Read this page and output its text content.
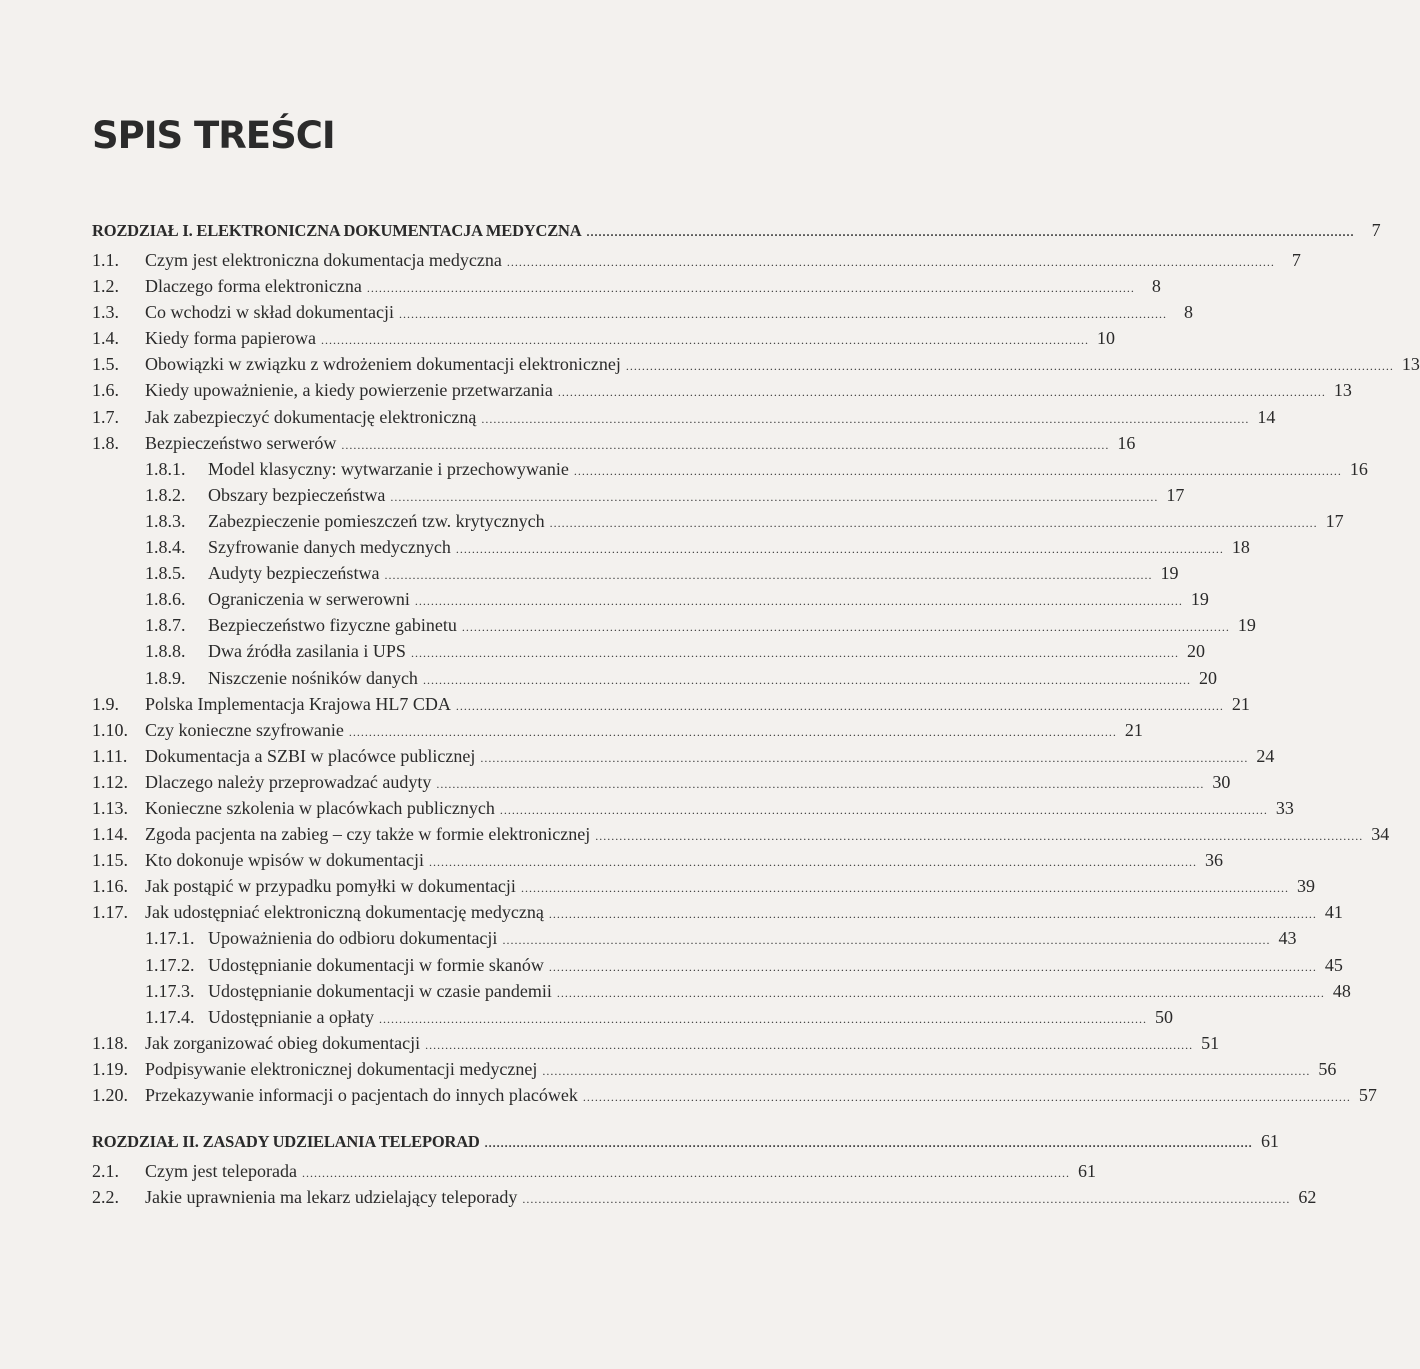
SPIS TREŚCI
ROZDZIAŁ I. ELEKTRONICZNA DOKUMENTACJA MEDYCZNA .....	7
1.1.	Czym jest elektroniczna dokumentacja medyczna .....	7
1.2.	Dlaczego forma elektroniczna .....	8
1.3.	Co wchodzi w skład dokumentacji .....	8
1.4.	Kiedy forma papierowa .....	10
1.5.	Obowiązki w związku z wdrożeniem dokumentacji elektronicznej .....	13
1.6.	Kiedy upoważnienie, a kiedy powierzenie przetwarzania .....	13
1.7.	Jak zabezpieczyć dokumentację elektroniczną .....	14
1.8.	Bezpieczeństwo serwerów .....	16
1.8.1.	Model klasyczny: wytwarzanie i przechowywanie .....	16
1.8.2.	Obszary bezpieczeństwa .....	17
1.8.3.	Zabezpieczenie pomieszczeń tzw. krytycznych .....	17
1.8.4.	Szyfrowanie danych medycznych .....	18
1.8.5.	Audyty bezpieczeństwa .....	19
1.8.6.	Ograniczenia w serwerowni .....	19
1.8.7.	Bezpieczeństwo fizyczne gabinetu .....	19
1.8.8.	Dwa źródła zasilania i UPS .....	20
1.8.9.	Niszczenie nośników danych .....	20
1.9.	Polska Implementacja Krajowa HL7 CDA .....	21
1.10. Czy konieczne szyfrowanie .....	21
1.11. Dokumentacja a SZBI w placówce publicznej .....	24
1.12. Dlaczego należy przeprowadzać audyty .....	30
1.13. Konieczne szkolenia w placówkach publicznych .....	33
1.14. Zgoda pacjenta na zabieg – czy także w formie elektronicznej .....	34
1.15. Kto dokonuje wpisów w dokumentacji .....	36
1.16. Jak postąpić w przypadku pomyłki w dokumentacji .....	39
1.17. Jak udostępniać elektroniczną dokumentację medyczną .....	41
1.17.1. Upoważnienia do odbioru dokumentacji .....	43
1.17.2. Udostępnianie dokumentacji w formie skanów .....	45
1.17.3. Udostępnianie dokumentacji w czasie pandemii .....	48
1.17.4. Udostępnianie a opłaty .....	50
1.18. Jak zorganizować obieg dokumentacji .....	51
1.19. Podpisywanie elektronicznej dokumentacji medycznej .....	56
1.20. Przekazywanie informacji o pacjentach do innych placówek .....	57
ROZDZIAŁ II. ZASADY UDZIELANIA TELEPORAD .....	61
2.1.	Czym jest teleporada .....	61
2.2.	Jakie uprawnienia ma lekarz udzielający teleporady .....	62
